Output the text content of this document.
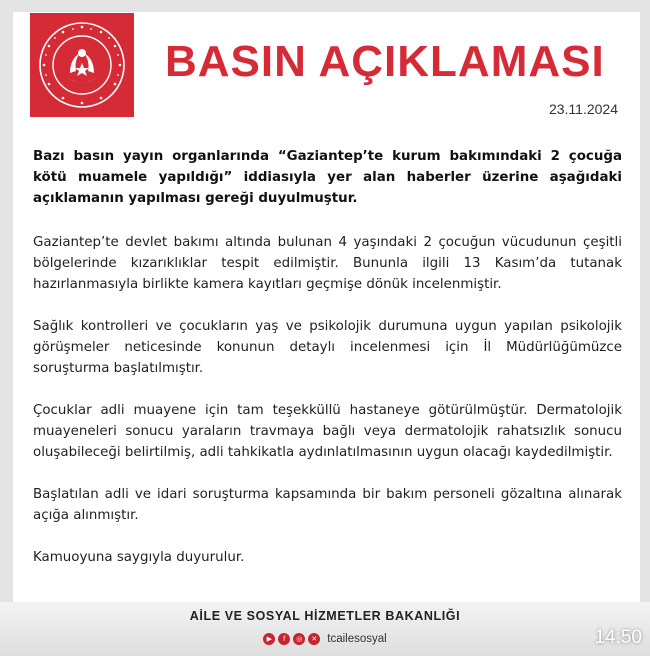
BASIN AÇIKLAMASI
23.11.2024

Bazı basın yayın organlarında “Gaziantep’te kurum bakımındaki 2 çocuğa kötü muamele yapıldığı” iddiasıyla yer alan haberler üzerine aşağıdaki açıklamanın yapılması gereği duyulmuştur.

Gaziantep’te devlet bakımı altında bulunan 4 yaşındaki 2 çocuğun vücudunun çeşitli bölgelerinde kızarıklıklar tespit edilmiştir. Bununla ilgili 13 Kasım’da tutanak hazırlanmasıyla birlikte kamera kayıtları geçmişe dönük incelenmiştir.

Sağlık kontrolleri ve çocukların yaş ve psikolojik durumuna uygun yapılan psikolojik görüşmeler neticesinde konunun detaylı incelenmesi için İl Müdürlüğümüzce soruşturma başlatılmıştır.

Çocuklar adli muayene için tam teşekküllü hastaneye götürülmüştür. Dermatolojik muayeneleri sonucu yaraların travmaya bağlı veya dermatolojik rahatsızlık sonucu oluşabileceği belirtilmiş, adli tahkikatla aydınlatılmasının uygun olacağı kaydedilmiştir.

Başlatılan adli ve idari soruşturma kapsamında bir bakım personeli gözaltına alınarak açığa alınmıştır.

Kamuoyuna saygıyla duyurulur.

AİLE VE SOSYAL HİZMETLER BAKANLIĞI
▶	f	◎	✕ tcailesosyal	14:50
